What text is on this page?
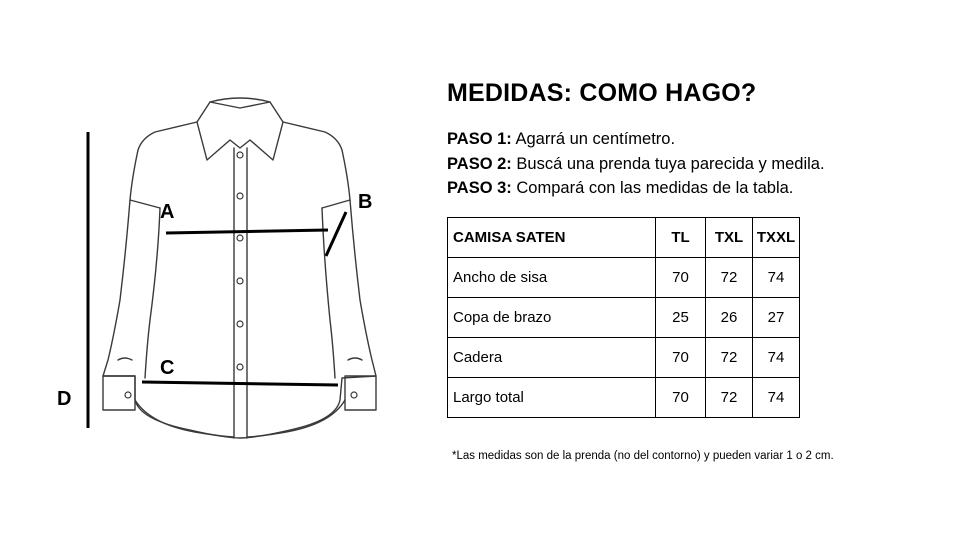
A	B
C
D
MEDIDAS: COMO HAGO?
PASO 1: Agarrá un centímetro.
PASO 2: Buscá una prenda tuya parecida y medila.
PASO 3: Compará con las medidas de la tabla.
CAMISA SATEN	TL	TXL	TXXL
Ancho de sisa	70	72	74
Copa de brazo	25	26	27
Cadera	70	72	74
Largo total	70	72	74
*Las medidas son de la prenda (no del contorno) y pueden variar 1 o 2 cm.
